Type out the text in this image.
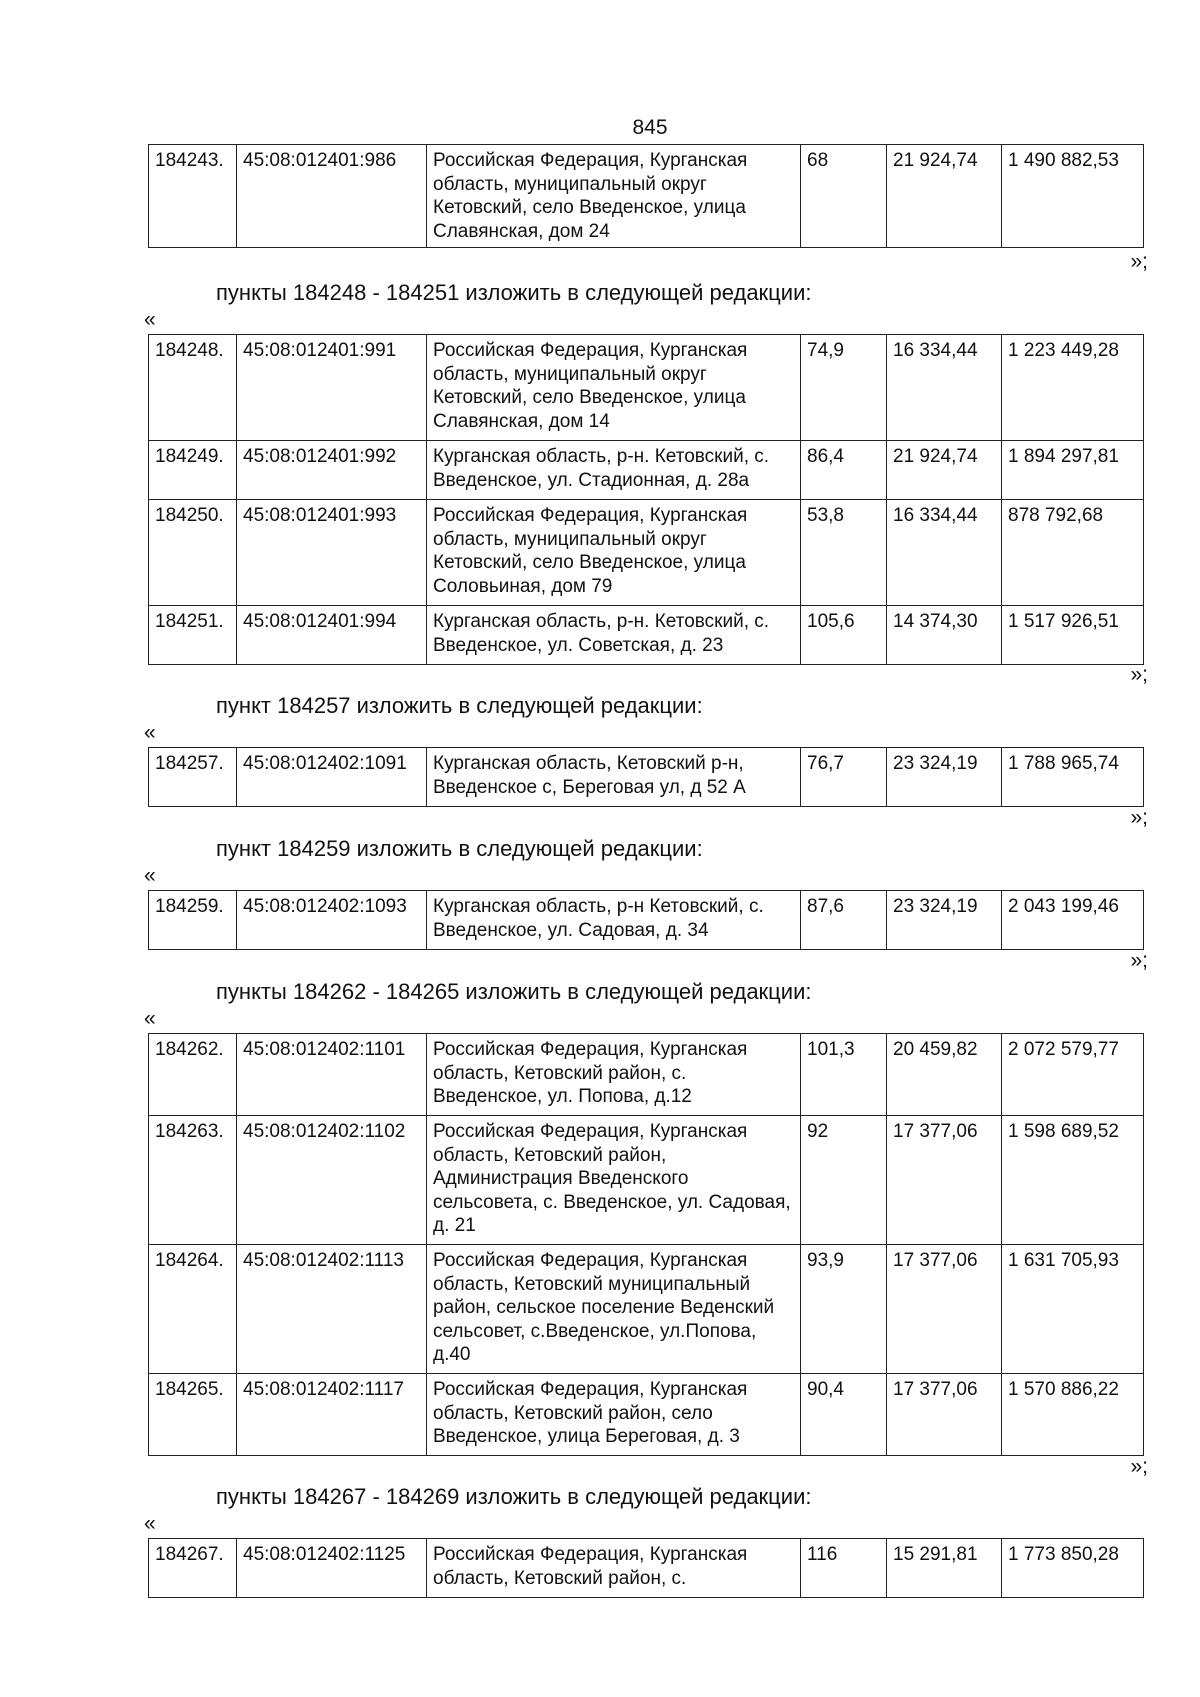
845
184243.	45:08:012401:986	Российская Федерация, Курганская область, муниципальный округ Кетовский, село Введенское, улица Славянская, дом 24	68	21 924,74	1 490 882,53
»;
пункты 184248 - 184251 изложить в следующей редакции:
«
184248.	45:08:012401:991	Российская Федерация, Курганская область, муниципальный округ Кетовский, село Введенское, улица Славянская, дом 14	74,9	16 334,44	1 223 449,28
184249.	45:08:012401:992	Курганская область, р-н. Кетовский, с. Введенское, ул. Стадионная, д. 28а	86,4	21 924,74	1 894 297,81
184250.	45:08:012401:993	Российская Федерация, Курганская область, муниципальный округ Кетовский, село Введенское, улица Соловьиная, дом 79	53,8	16 334,44	878 792,68
184251.	45:08:012401:994	Курганская область, р-н. Кетовский, с. Введенское, ул. Советская, д. 23	105,6	14 374,30	1 517 926,51
»;
пункт 184257 изложить в следующей редакции:
«
184257.	45:08:012402:1091	Курганская область, Кетовский р-н, Введенское с, Береговая ул, д 52 А	76,7	23 324,19	1 788 965,74
»;
пункт 184259 изложить в следующей редакции:
«
184259.	45:08:012402:1093	Курганская область, р-н Кетовский, с. Введенское, ул. Садовая, д. 34	87,6	23 324,19	2 043 199,46
»;
пункты 184262 - 184265 изложить в следующей редакции:
«
184262.	45:08:012402:1101	Российская Федерация, Курганская область, Кетовский район, с. Введенское, ул. Попова, д.12	101,3	20 459,82	2 072 579,77
184263.	45:08:012402:1102	Российская Федерация, Курганская область, Кетовский район, Администрация Введенского сельсовета, с. Введенское, ул. Садовая, д. 21	92	17 377,06	1 598 689,52
184264.	45:08:012402:1113	Российская Федерация, Курганская область, Кетовский муниципальный район, сельское поселение Веденский сельсовет, с.Введенское, ул.Попова, д.40	93,9	17 377,06	1 631 705,93
184265.	45:08:012402:1117	Российская Федерация, Курганская область, Кетовский район, село Введенское, улица Береговая, д. 3	90,4	17 377,06	1 570 886,22
»;
пункты 184267 - 184269 изложить в следующей редакции:
«
184267.	45:08:012402:1125	Российская Федерация, Курганская область, Кетовский район, с.	116	15 291,81	1 773 850,28
